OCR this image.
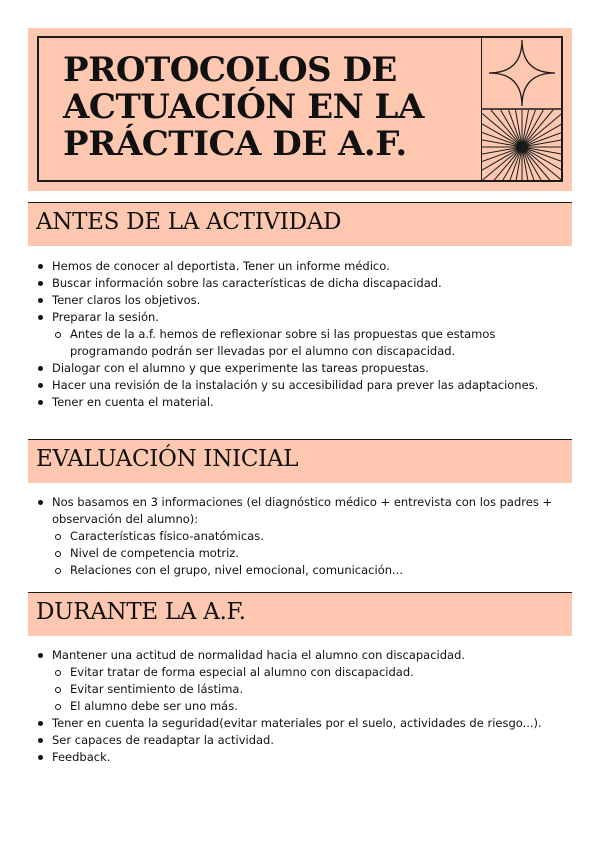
PROTOCOLOS DE
ACTUACIÓN EN LA
PRÁCTICA DE A.F.
ANTES DE LA ACTIVIDAD
Hemos de conocer al deportista. Tener un informe médico.
Buscar información sobre las características de dicha discapacidad.
Tener claros los objetivos.
Preparar la sesión.
Antes de la a.f. hemos de reflexionar sobre si las propuestas que estamos programando podrán ser llevadas por el alumno con discapacidad.
Dialogar con el alumno y que experimente las tareas propuestas.
Hacer una revisión de la instalación y su accesibilidad para prever las adaptaciones.
Tener en cuenta el material.
EVALUACIÓN INICIAL
Nos basamos en 3 informaciones (el diagnóstico médico + entrevista con los padres + observación del alumno):
Características físico-anatómicas.
Nivel de competencia motriz.
Relaciones con el grupo, nivel emocional, comunicación...
DURANTE LA A.F.
Mantener una actitud de normalidad hacia el alumno con discapacidad.
Evitar tratar de forma especial al alumno con discapacidad.
Evitar sentimiento de lástima.
El alumno debe ser uno más.
Tener en cuenta la seguridad(evitar materiales por el suelo, actividades de riesgo...).
Ser capaces de readaptar la actividad.
Feedback.
